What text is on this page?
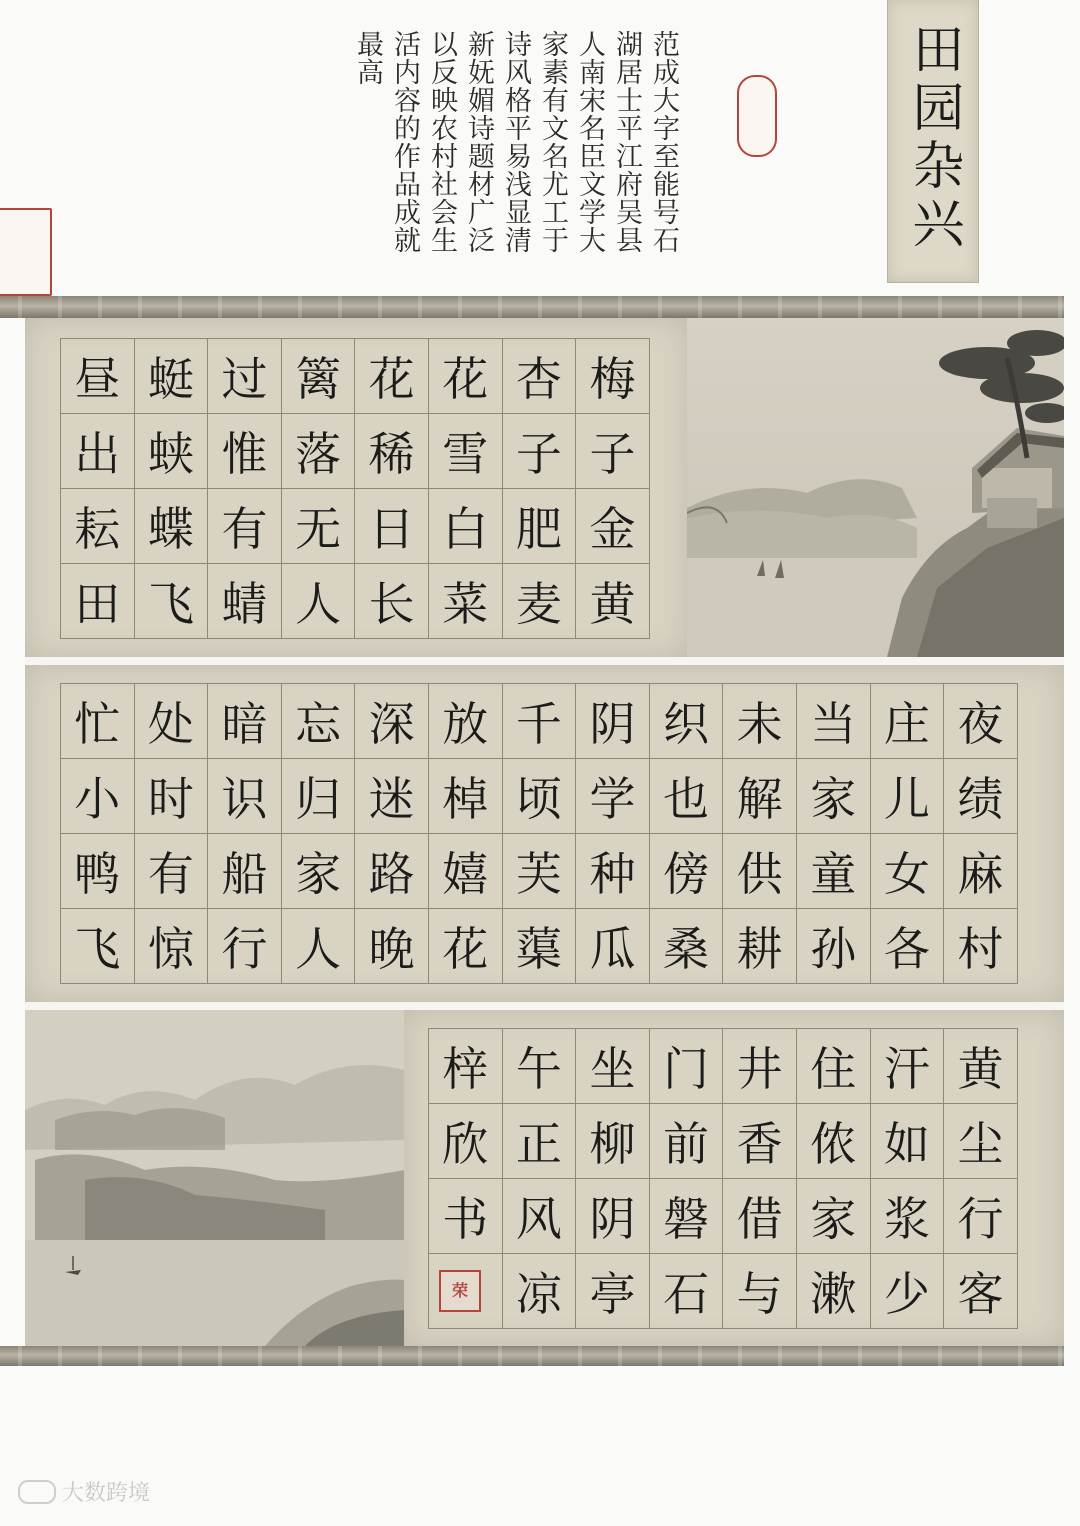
田园杂兴
范成大字至能号石湖居士平江府吴县人南宋名臣文学大家素有文名尤工于诗风格平易浅显清新妩媚诗题材广泛以反映农村社会生活内容的作品成就最高
昼 蜓 过 篱 花 花 杏 梅
出 蛱 惟 落 稀 雪 子 子
耘 蝶 有 无 日 白 肥 金
田 飞 蜻 人 长 菜 麦 黄
忙 处 暗 忘 深 放 千 阴 织 未 当 庄 夜
小 时 识 归 迷 棹 顷 学 也 解 家 儿 绩
鸭 有 船 家 路 嬉 芙 种 傍 供 童 女 麻
飞 惊 行 人 晚 花 蕖 瓜 桑 耕 孙 各 村
梓 午 坐 门 井 住 汗 黄
欣 正 柳 前 香 侬 如 尘
书 风 阴 磐 借 家 浆 行
凉 亭 石 与 漱 少 客
荣
大数跨境
